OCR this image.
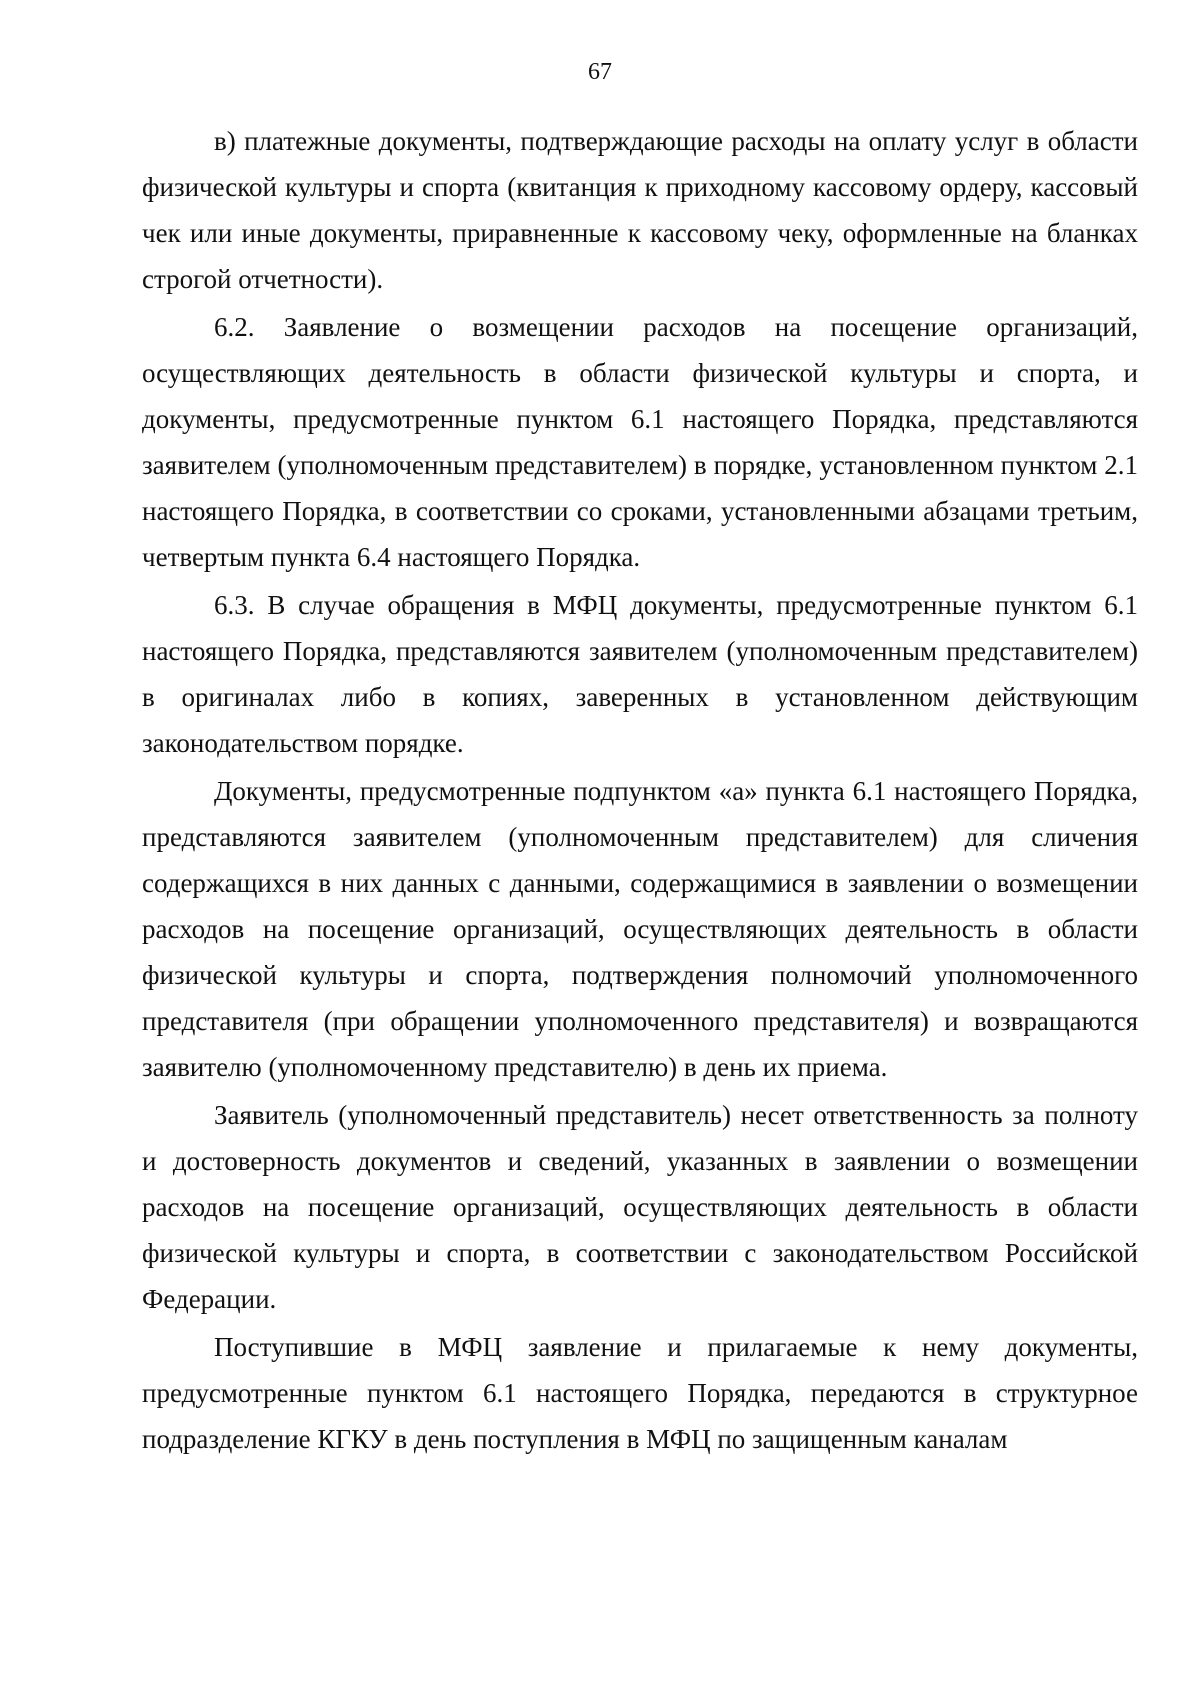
67

в) платежные документы, подтверждающие расходы на оплату услуг в области физической культуры и спорта (квитанция к приходному кассовому ордеру, кассовый чек или иные документы, приравненные к кассовому чеку, оформленные на бланках строгой отчетности).

6.2. Заявление о возмещении расходов на посещение организаций, осуществляющих деятельность в области физической культуры и спорта, и документы, предусмотренные пунктом 6.1 настоящего Порядка, представляются заявителем (уполномоченным представителем) в порядке, установленном пунктом 2.1 настоящего Порядка, в соответствии со сроками, установленными абзацами третьим, четвертым пункта 6.4 настоящего Порядка.

6.3. В случае обращения в МФЦ документы, предусмотренные пунктом 6.1 настоящего Порядка, представляются заявителем (уполномоченным представителем) в оригиналах либо в копиях, заверенных в установленном действующим законодательством порядке.

Документы, предусмотренные подпунктом «а» пункта 6.1 настоящего Порядка, представляются заявителем (уполномоченным представителем) для сличения содержащихся в них данных с данными, содержащимися в заявлении о возмещении расходов на посещение организаций, осуществляющих деятельность в области физической культуры и спорта, подтверждения полномочий уполномоченного представителя (при обращении уполномоченного представителя) и возвращаются заявителю (уполномоченному представителю) в день их приема.

Заявитель (уполномоченный представитель) несет ответственность за полноту и достоверность документов и сведений, указанных в заявлении о возмещении расходов на посещение организаций, осуществляющих деятельность в области физической культуры и спорта, в соответствии с законодательством Российской Федерации.

Поступившие в МФЦ заявление и прилагаемые к нему документы, предусмотренные пунктом 6.1 настоящего Порядка, передаются в структурное подразделение КГКУ в день поступления в МФЦ по защищенным каналам
